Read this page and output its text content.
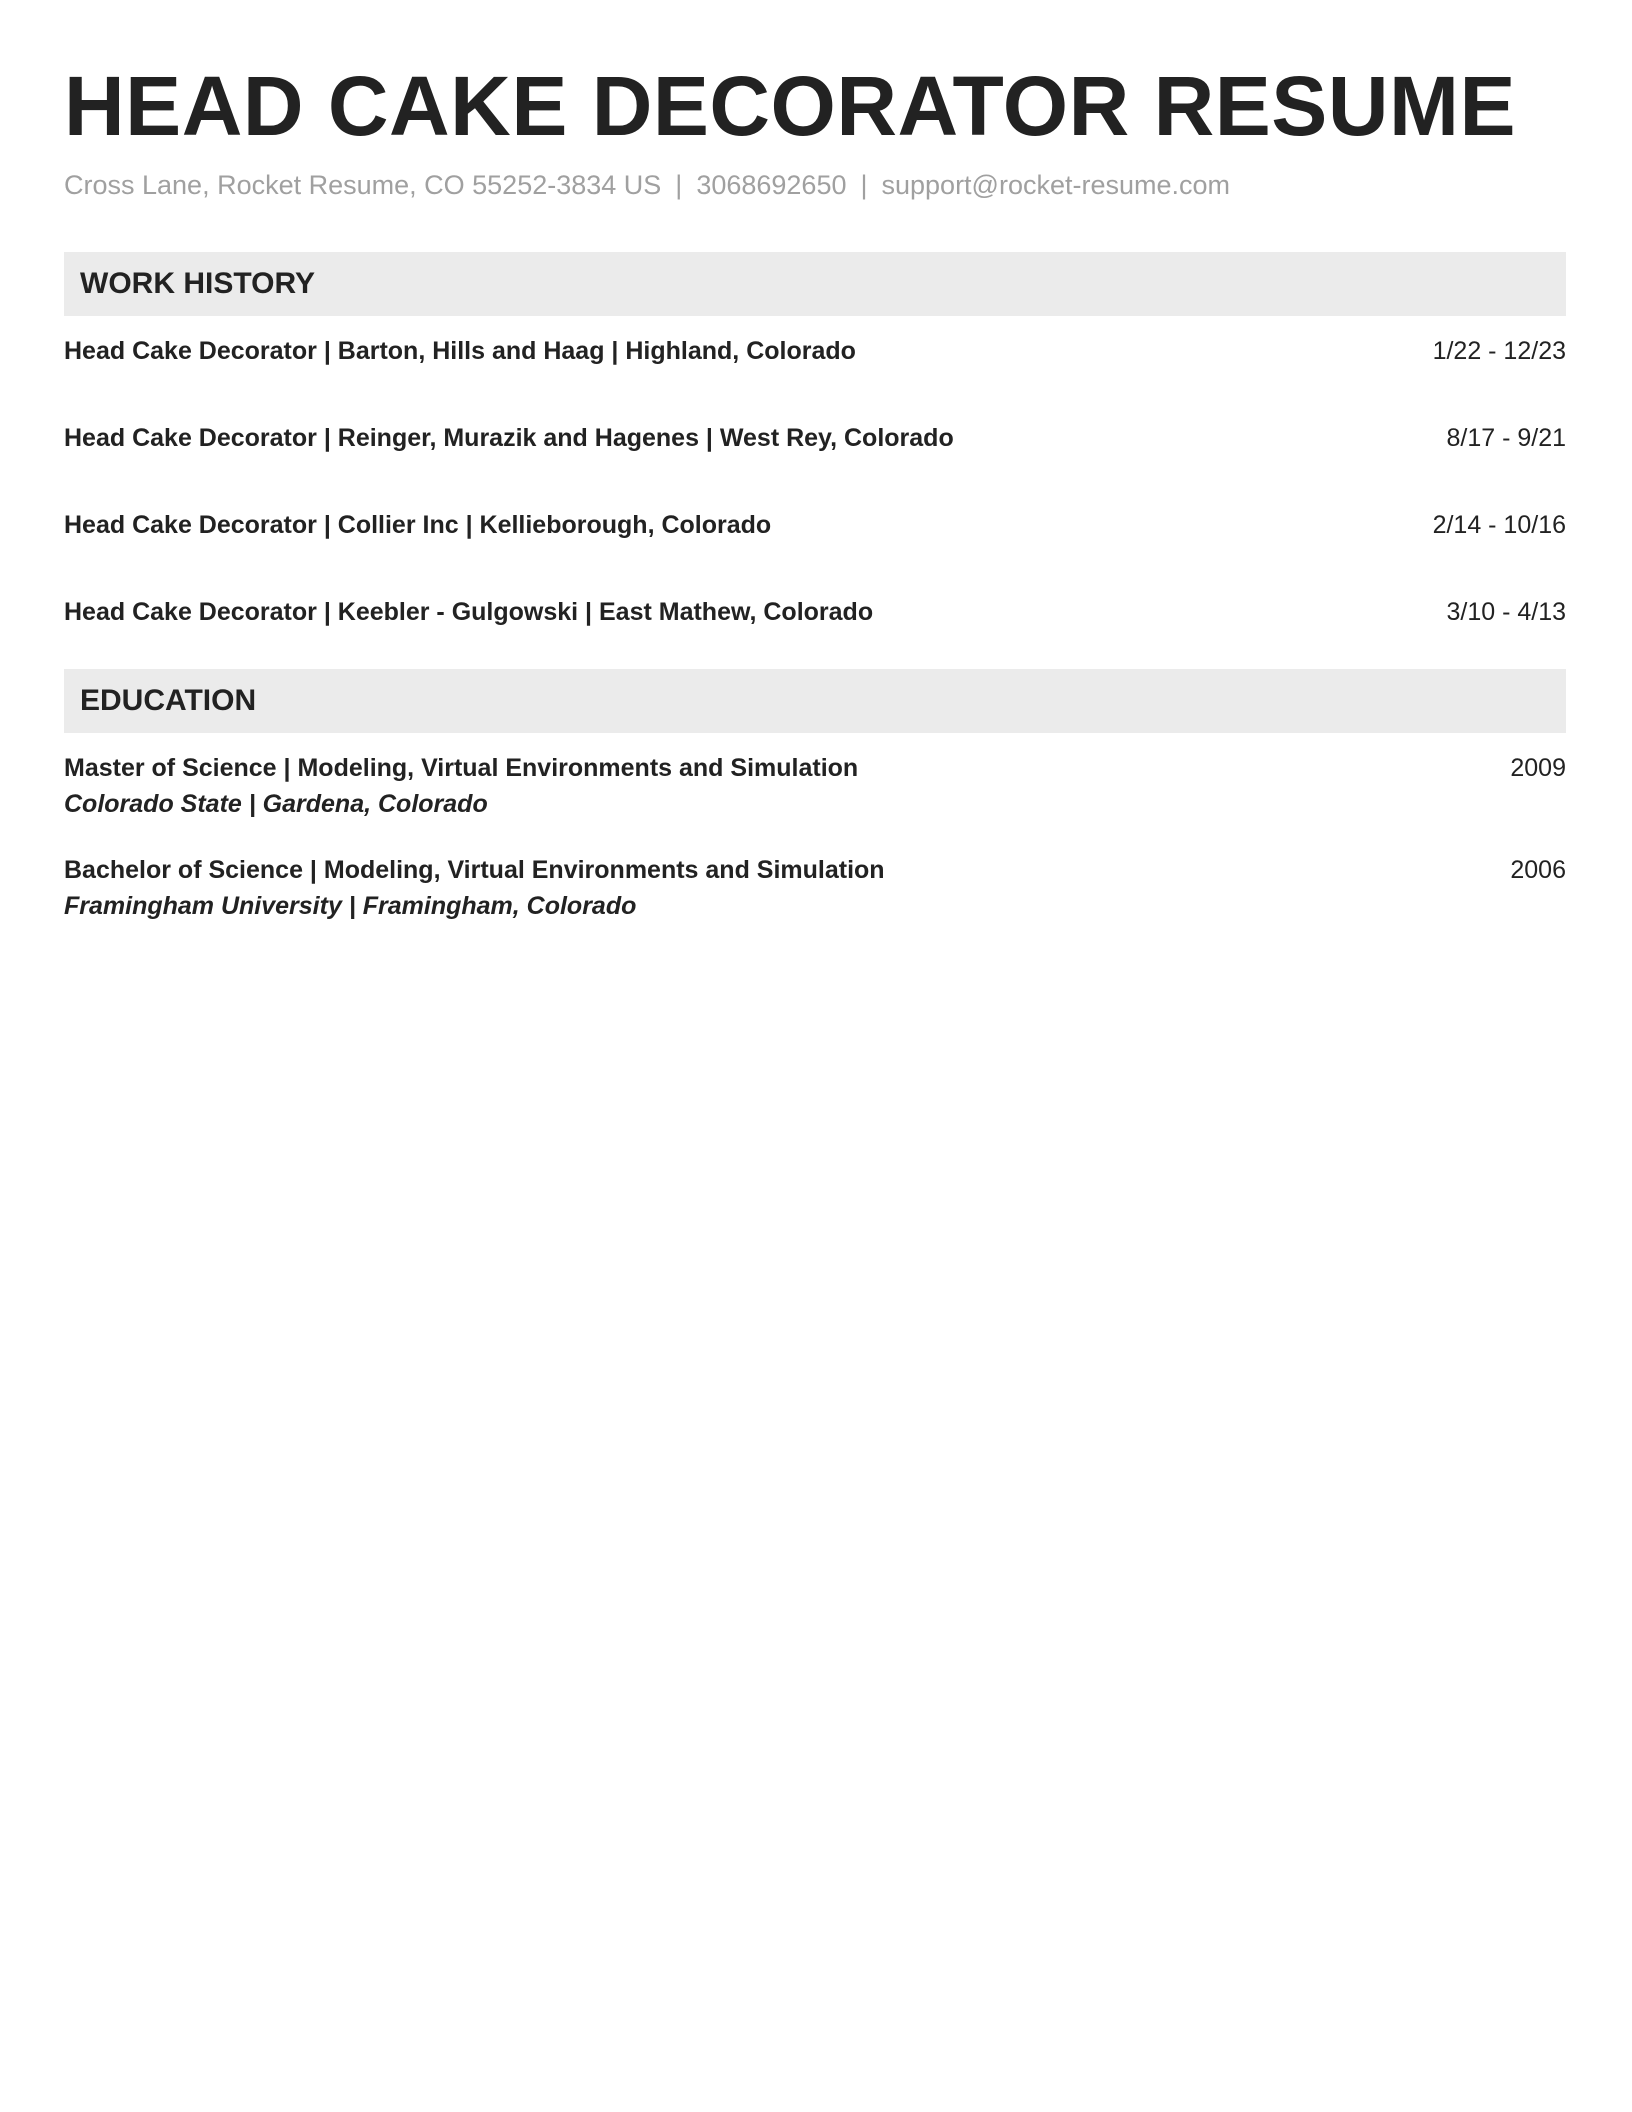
HEAD CAKE DECORATOR RESUME
Cross Lane, Rocket Resume, CO 55252-3834 US | 3068692650 | support@rocket-resume.com
WORK HISTORY
Head Cake Decorator | Barton, Hills and Haag | Highland, Colorado	1/22 - 12/23
Head Cake Decorator | Reinger, Murazik and Hagenes | West Rey, Colorado	8/17 - 9/21
Head Cake Decorator | Collier Inc | Kellieborough, Colorado	2/14 - 10/16
Head Cake Decorator | Keebler - Gulgowski | East Mathew, Colorado	3/10 - 4/13
EDUCATION
Master of Science | Modeling, Virtual Environments and Simulation	2009
Colorado State | Gardena, Colorado
Bachelor of Science | Modeling, Virtual Environments and Simulation	2006
Framingham University | Framingham, Colorado
